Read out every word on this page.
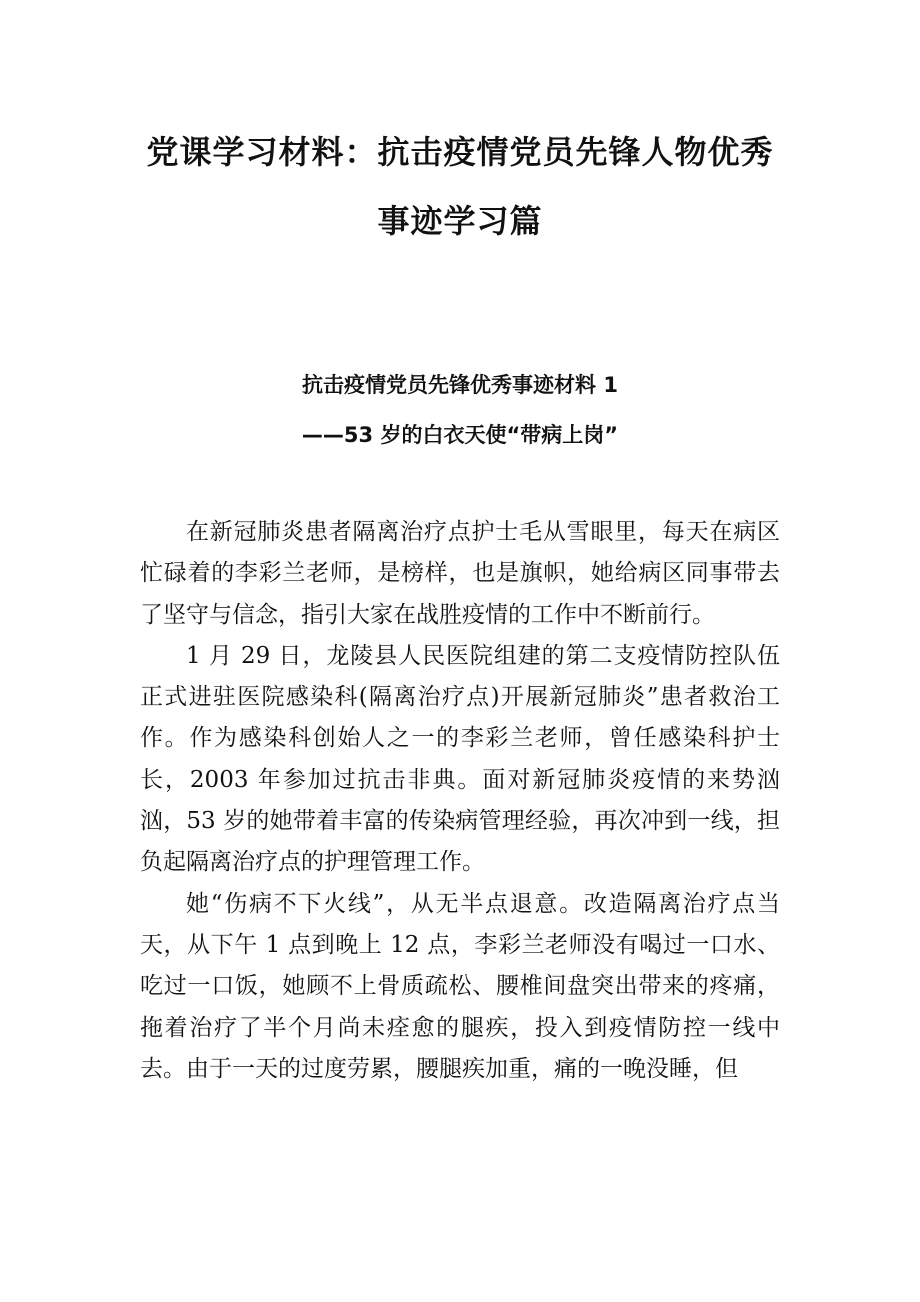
党课学习材料：抗击疫情党员先锋人物优秀
事迹学习篇
抗击疫情党员先锋优秀事迹材料 1
——53 岁的白衣天使“带病上岗”

在新冠肺炎患者隔离治疗点护士毛从雪眼里，每天在病区忙碌着的李彩兰老师，是榜样，也是旗帜，她给病区同事带去了坚守与信念，指引大家在战胜疫情的工作中不断前行。

1 月 29 日，龙陵县人民医院组建的第二支疫情防控队伍正式进驻医院感染科(隔离治疗点)开展新冠肺炎”患者救治工作。作为感染科创始人之一的李彩兰老师，曾任感染科护士长，2003 年参加过抗击非典。面对新冠肺炎疫情的来势汹汹，53 岁的她带着丰富的传染病管理经验，再次冲到一线，担负起隔离治疗点的护理管理工作。

她“伤病不下火线”，从无半点退意。改造隔离治疗点当天，从下午 1 点到晚上 12 点，李彩兰老师没有喝过一口水、吃过一口饭，她顾不上骨质疏松、腰椎间盘突出带来的疼痛，拖着治疗了半个月尚未痊愈的腿疾，投入到疫情防控一线中去。由于一天的过度劳累，腰腿疾加重，痛的一晚没睡，但
